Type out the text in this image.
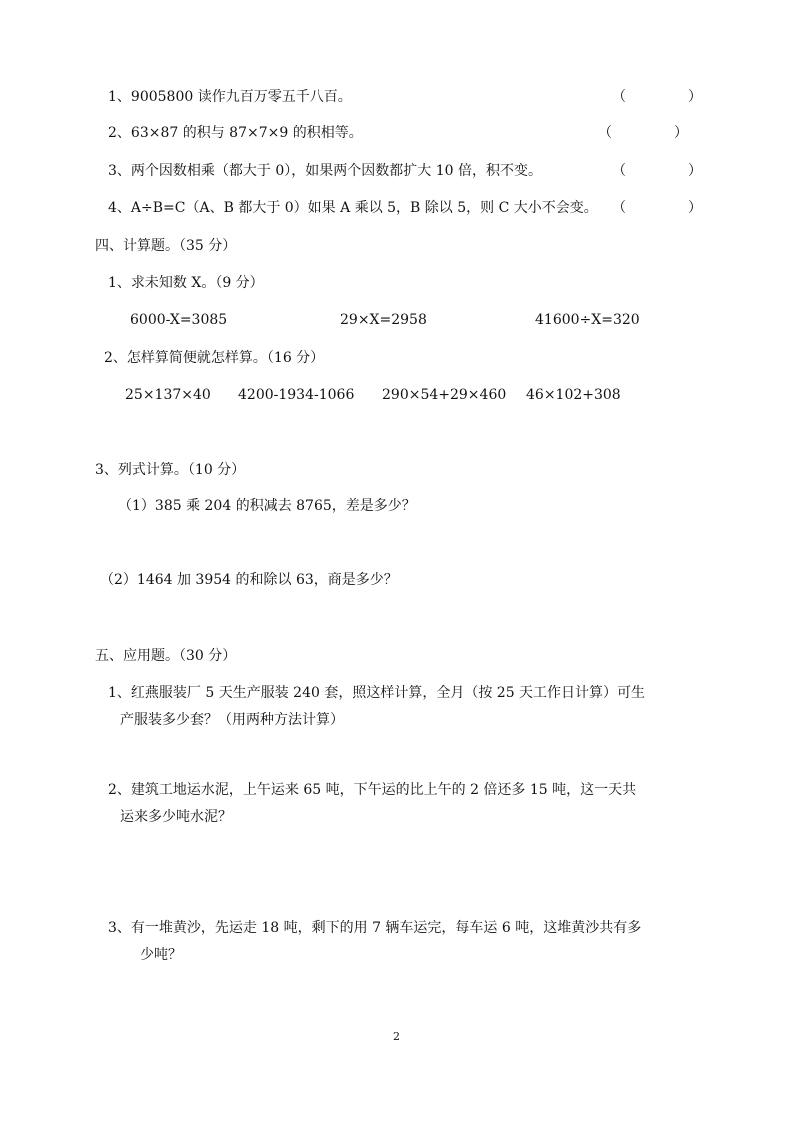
1、9005800 读作九百万零五千八百。	（	）
2、63×87 的积与 87×7×9 的积相等。	（	）
3、两个因数相乘（都大于 0），如果两个因数都扩大 10 倍，积不变。	（	）
4、A÷B=C（A、B 都大于 0）如果 A 乘以 5，B 除以 5，则 C 大小不会变。 （	）
四、计算题。（35 分）
1、求未知数 X。（9 分）
6000-X=3085	29×X=2958	41600÷X=320
2、怎样算简便就怎样算。（16 分）
25×137×40 4200-1934-1066 290×54+29×460 46×102+308
3、列式计算。（10 分）
（1）385 乘 204 的积减去 8765，差是多少？
（2）1464 加 3954 的和除以 63，商是多少？
五、应用题。（30 分）
1、红燕服装厂 5 天生产服装 240 套，照这样计算，全月（按 25 天工作日计算）可生
产服装多少套？（用两种方法计算）
2、建筑工地运水泥，上午运来 65 吨，下午运的比上午的 2 倍还多 15 吨，这一天共
运来多少吨水泥？
3、有一堆黄沙，先运走 18 吨，剩下的用 7 辆车运完，每车运 6 吨，这堆黄沙共有多
少吨？
2
